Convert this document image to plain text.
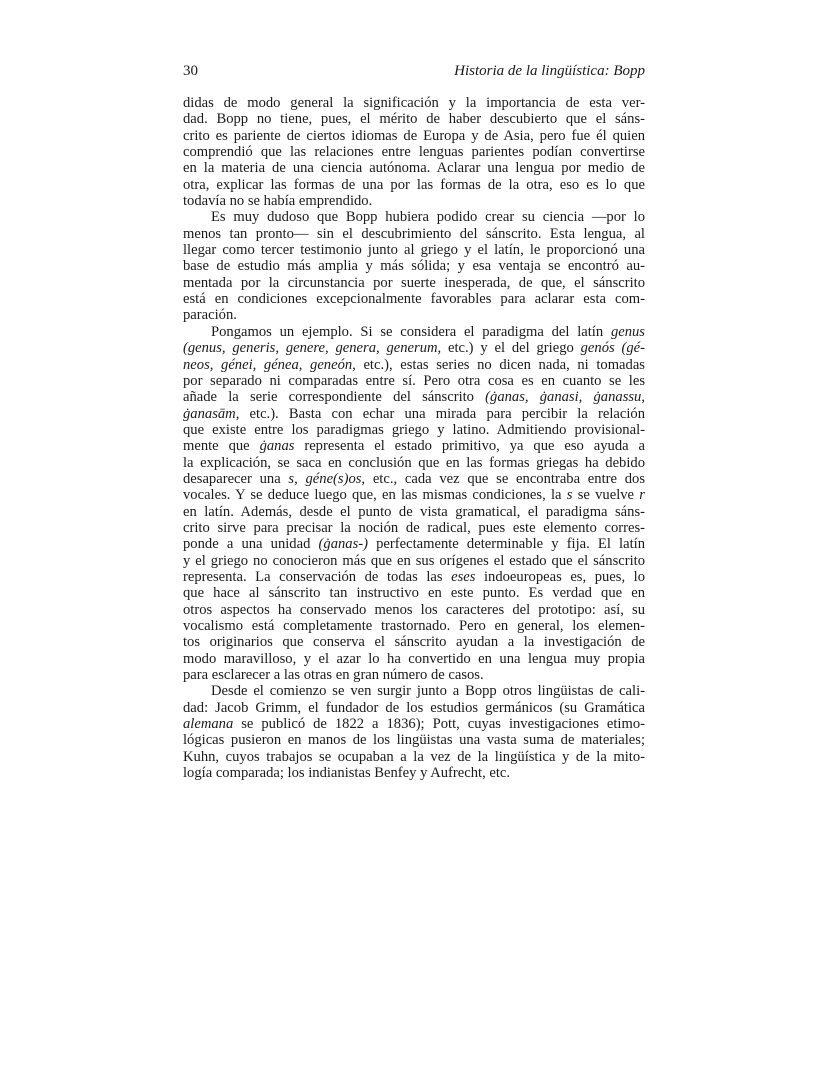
30	Historia de la lingüística: Bopp
didas de modo general la significación y la importancia de esta ver-
dad. Bopp no tiene, pues, el mérito de haber descubierto que el sáns-
crito es pariente de ciertos idiomas de Europa y de Asia, pero fue él quien
comprendió que las relaciones entre lenguas parientes podían convertirse
en la materia de una ciencia autónoma. Aclarar una lengua por medio de
otra, explicar las formas de una por las formas de la otra, eso es lo que
todavía no se había emprendido.
Es muy dudoso que Bopp hubiera podido crear su ciencia —por lo
menos tan pronto— sin el descubrimiento del sánscrito. Esta lengua, al
llegar como tercer testimonio junto al griego y el latín, le proporcionó una
base de estudio más amplia y más sólida; y esa ventaja se encontró au-
mentada por la circunstancia por suerte inesperada, de que, el sánscrito
está en condiciones excepcionalmente favorables para aclarar esta com-
paración.
Pongamos un ejemplo. Si se considera el paradigma del latín genus
(genus, generis, genere, genera, generum, etc.) y el del griego genós (gé-
neos, génei, génea, geneón, etc.), estas series no dicen nada, ni tomadas
por separado ni comparadas entre sí. Pero otra cosa es en cuanto se les
añade la serie correspondiente del sánscrito (ġanas, ġanasi, ġanassu,
ġanasām, etc.). Basta con echar una mirada para percibir la relación
que existe entre los paradigmas griego y latino. Admitiendo provisional-
mente que ġanas representa el estado primitivo, ya que eso ayuda a
la explicación, se saca en conclusión que en las formas griegas ha debido
desaparecer una s, géne(s)os, etc., cada vez que se encontraba entre dos
vocales. Y se deduce luego que, en las mismas condiciones, la s se vuelve r
en latín. Además, desde el punto de vista gramatical, el paradigma sáns-
crito sirve para precisar la noción de radical, pues este elemento corres-
ponde a una unidad (ġanas-) perfectamente determinable y fija. El latín
y el griego no conocieron más que en sus orígenes el estado que el sánscrito
representa. La conservación de todas las eses indoeuropeas es, pues, lo
que hace al sánscrito tan instructivo en este punto. Es verdad que en
otros aspectos ha conservado menos los caracteres del prototipo: así, su
vocalismo está completamente trastornado. Pero en general, los elemen-
tos originarios que conserva el sánscrito ayudan a la investigación de
modo maravilloso, y el azar lo ha convertido en una lengua muy propia
para esclarecer a las otras en gran número de casos.
Desde el comienzo se ven surgir junto a Bopp otros lingüistas de cali-
dad: Jacob Grimm, el fundador de los estudios germánicos (su Gramática
alemana se publicó de 1822 a 1836); Pott, cuyas investigaciones etimo-
lógicas pusieron en manos de los lingüistas una vasta suma de materiales;
Kuhn, cuyos trabajos se ocupaban a la vez de la lingüística y de la mito-
logía comparada; los indianistas Benfey y Aufrecht, etc.
